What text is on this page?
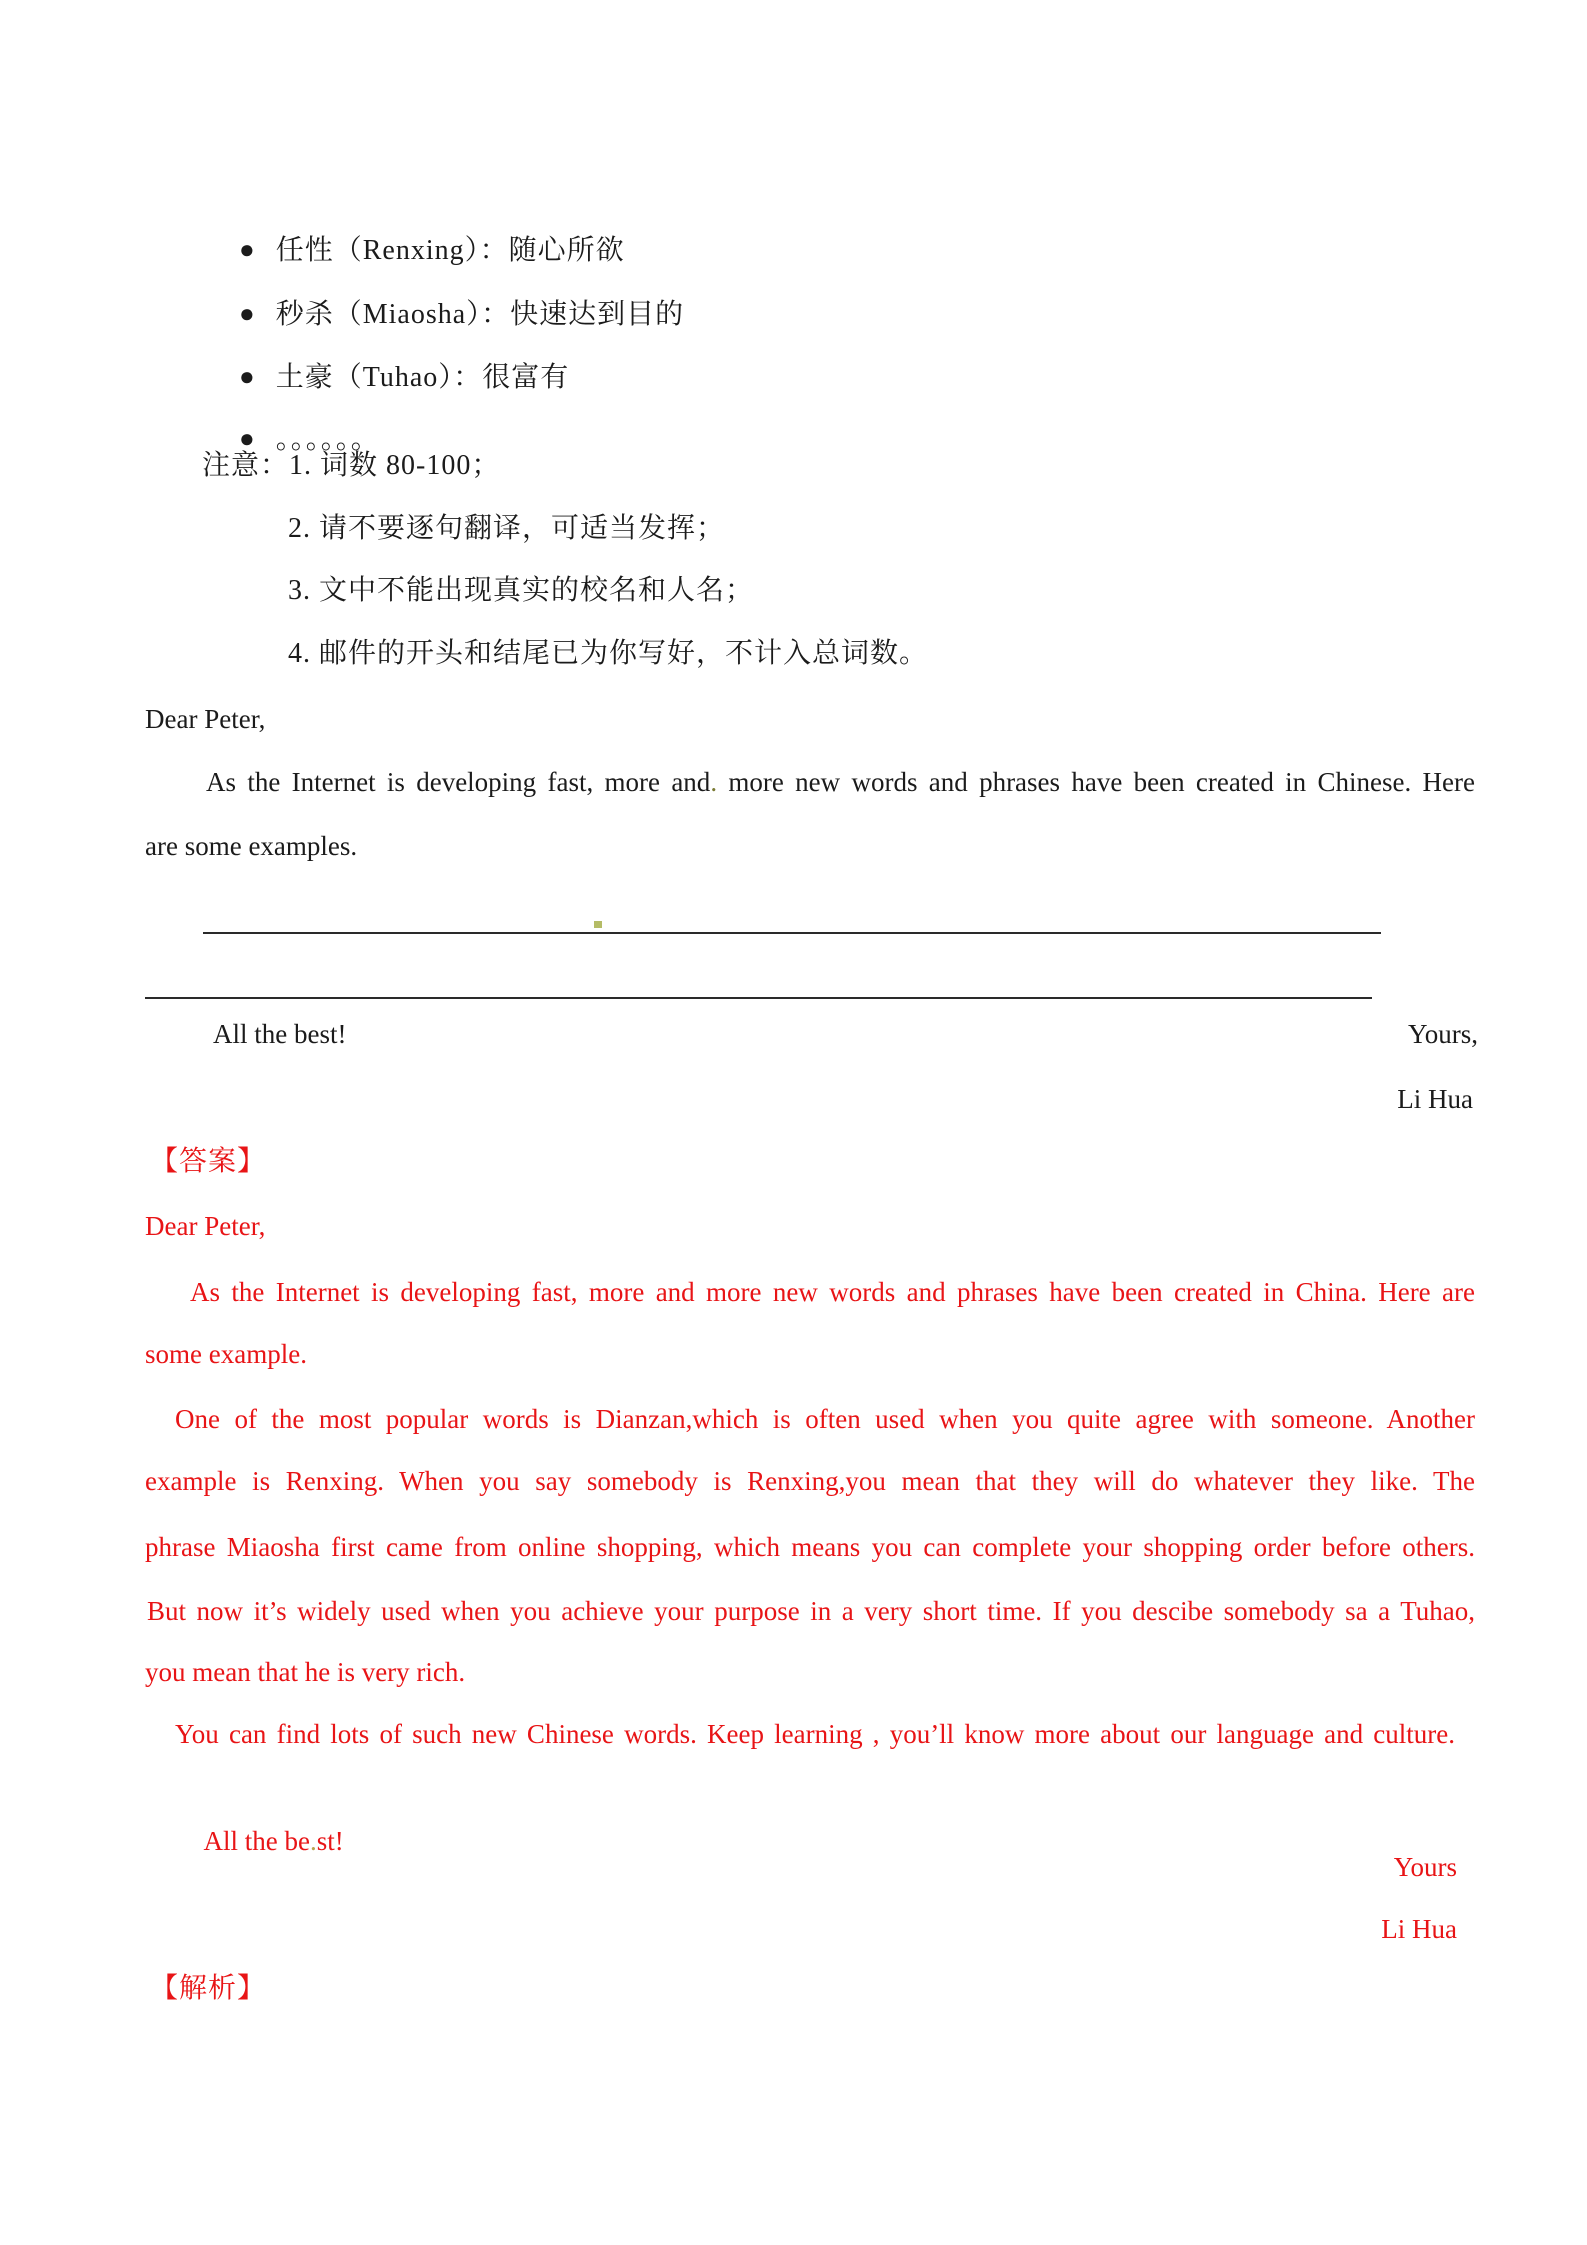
● 任性（Renxing）：随心所欲

● 秒杀（Miaosha）：快速达到目的

● 土豪（Tuhao）：很富有

● 。。。。。。

注意：1. 词数 80-100；
2. 请不要逐句翻译，可适当发挥；
3. 文中不能出现真实的校名和人名；
4. 邮件的开头和结尾已为你写好，不计入总词数。
Dear Peter,
As the Internet is developing fast, more and. more new words and phrases have been created in Chinese. Here
are some examples.
All the best!	Yours,
Li Hua
【答案】
Dear Peter,
As the Internet is developing fast, more and more new words and phrases have been created in China. Here are
some example.
One of the most popular words is Dianzan,which is often used when you quite agree with someone. Another
example is Renxing. When you say somebody is Renxing,you mean that they will do whatever they like. The
phrase Miaosha first came from online shopping, which means you can complete your shopping order before others.
But now it’s widely used when you achieve your purpose in a very short time. If you descibe somebody sa a Tuhao,
you mean that he is very rich.
You can find lots of such new Chinese words. Keep learning , you’ll know more about our language and culture.

All the be.st!

Yours
Li Hua
【解析】
